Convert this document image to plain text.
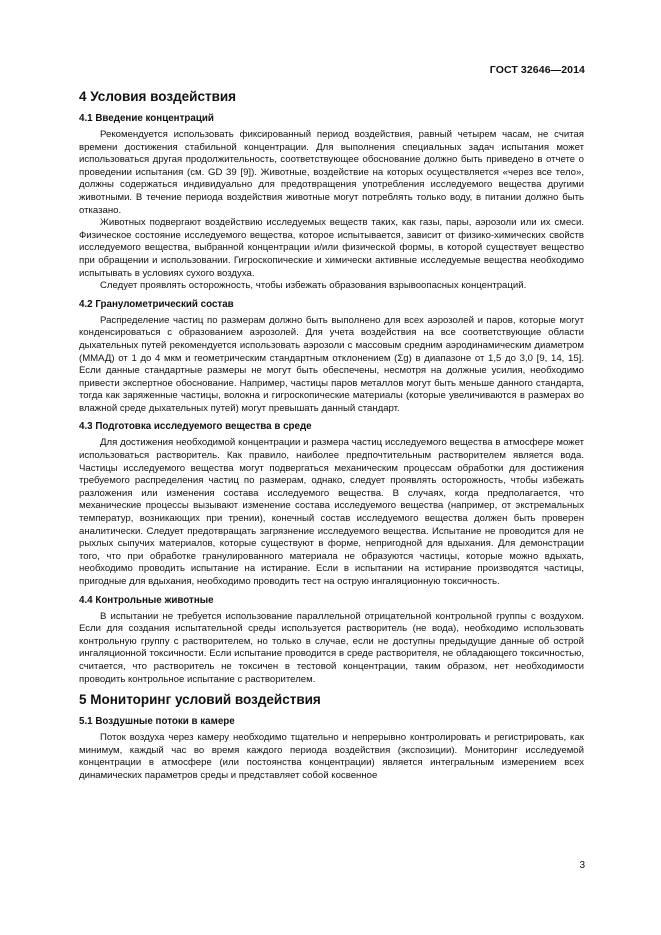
ГОСТ 32646—2014
4 Условия воздействия
4.1 Введение концентраций

Рекомендуется использовать фиксированный период воздействия, равный четырем часам, не считая времени достижения стабильной концентрации. Для выполнения специальных задач испытания может использоваться другая продолжительность, соответствующее обоснование должно быть приведено в отчете о проведении испытания (см. GD 39 [9]). Животные, воздействие на которых осуществляется «через все тело», должны содержаться индивидуально для предотвращения употребления исследуемого вещества другими животными. В течение периода воздействия животные могут потреблять только воду, в питании должно быть отказано.

Животных подвергают воздействию исследуемых веществ таких, как газы, пары, аэрозоли или их смеси. Физическое состояние исследуемого вещества, которое испытывается, зависит от физико-химических свойств исследуемого вещества, выбранной концентрации и/или физической формы, в которой существует вещество при обращении и использовании. Гигроскопические и химически активные исследуемые вещества необходимо испытывать в условиях сухого воздуха.

Следует проявлять осторожность, чтобы избежать образования взрывоопасных концентраций.

4.2 Гранулометрический состав

Распределение частиц по размерам должно быть выполнено для всех аэрозолей и паров, которые могут конденсироваться с образованием аэрозолей. Для учета воздействия на все соответствующие области дыхательных путей рекомендуется использовать аэрозоли с массовым средним аэродинамическим диаметром (ММАД) от 1 до 4 мкм и геометрическим стандартным отклонением (Σg) в диапазоне от 1,5 до 3,0 [9, 14, 15]. Если данные стандартные размеры не могут быть обеспечены, несмотря на должные усилия, необходимо привести экспертное обоснование. Например, частицы паров металлов могут быть меньше данного стандарта, тогда как заряженные частицы, волокна и гигроскопические материалы (которые увеличиваются в размерах во влажной среде дыхательных путей) могут превышать данный стандарт.

4.3 Подготовка исследуемого вещества в среде

Для достижения необходимой концентрации и размера частиц исследуемого вещества в атмосфере может использоваться растворитель. Как правило, наиболее предпочтительным растворителем является вода. Частицы исследуемого вещества могут подвергаться механическим процессам обработки для достижения требуемого распределения частиц по размерам, однако, следует проявлять осторожность, чтобы избежать разложения или изменения состава исследуемого вещества. В случаях, когда предполагается, что механические процессы вызывают изменение состава исследуемого вещества (например, от экстремальных температур, возникающих при трении), конечный состав исследуемого вещества должен быть проверен аналитически. Следует предотвращать загрязнение исследуемого вещества. Испытание не проводится для не рыхлых сыпучих материалов, которые существуют в форме, непригодной для вдыхания. Для демонстрации того, что при обработке гранулированного материала не образуются частицы, которые можно вдыхать, необходимо проводить испытание на истирание. Если в испытании на истирание производятся частицы, пригодные для вдыхания, необходимо проводить тест на острую ингаляционную токсичность.

4.4 Контрольные животные

В испытании не требуется использование параллельной отрицательной контрольной группы с воздухом. Если для создания испытательной среды используется растворитель (не вода), необходимо использовать контрольную группу с растворителем, но только в случае, если не доступны предыдущие данные об острой ингаляционной токсичности. Если испытание проводится в среде растворителя, не обладающего токсичностью, считается, что растворитель не токсичен в тестовой концентрации, таким образом, нет необходимости проводить контрольное испытание с растворителем.

5 Мониторинг условий воздействия
5.1 Воздушные потоки в камере

Поток воздуха через камеру необходимо тщательно и непрерывно контролировать и регистрировать, как минимум, каждый час во время каждого периода воздействия (экспозиции). Мониторинг исследуемой концентрации в атмосфере (или постоянства концентрации) является интегральным измерением всех динамических параметров среды и представляет собой косвенное

3
